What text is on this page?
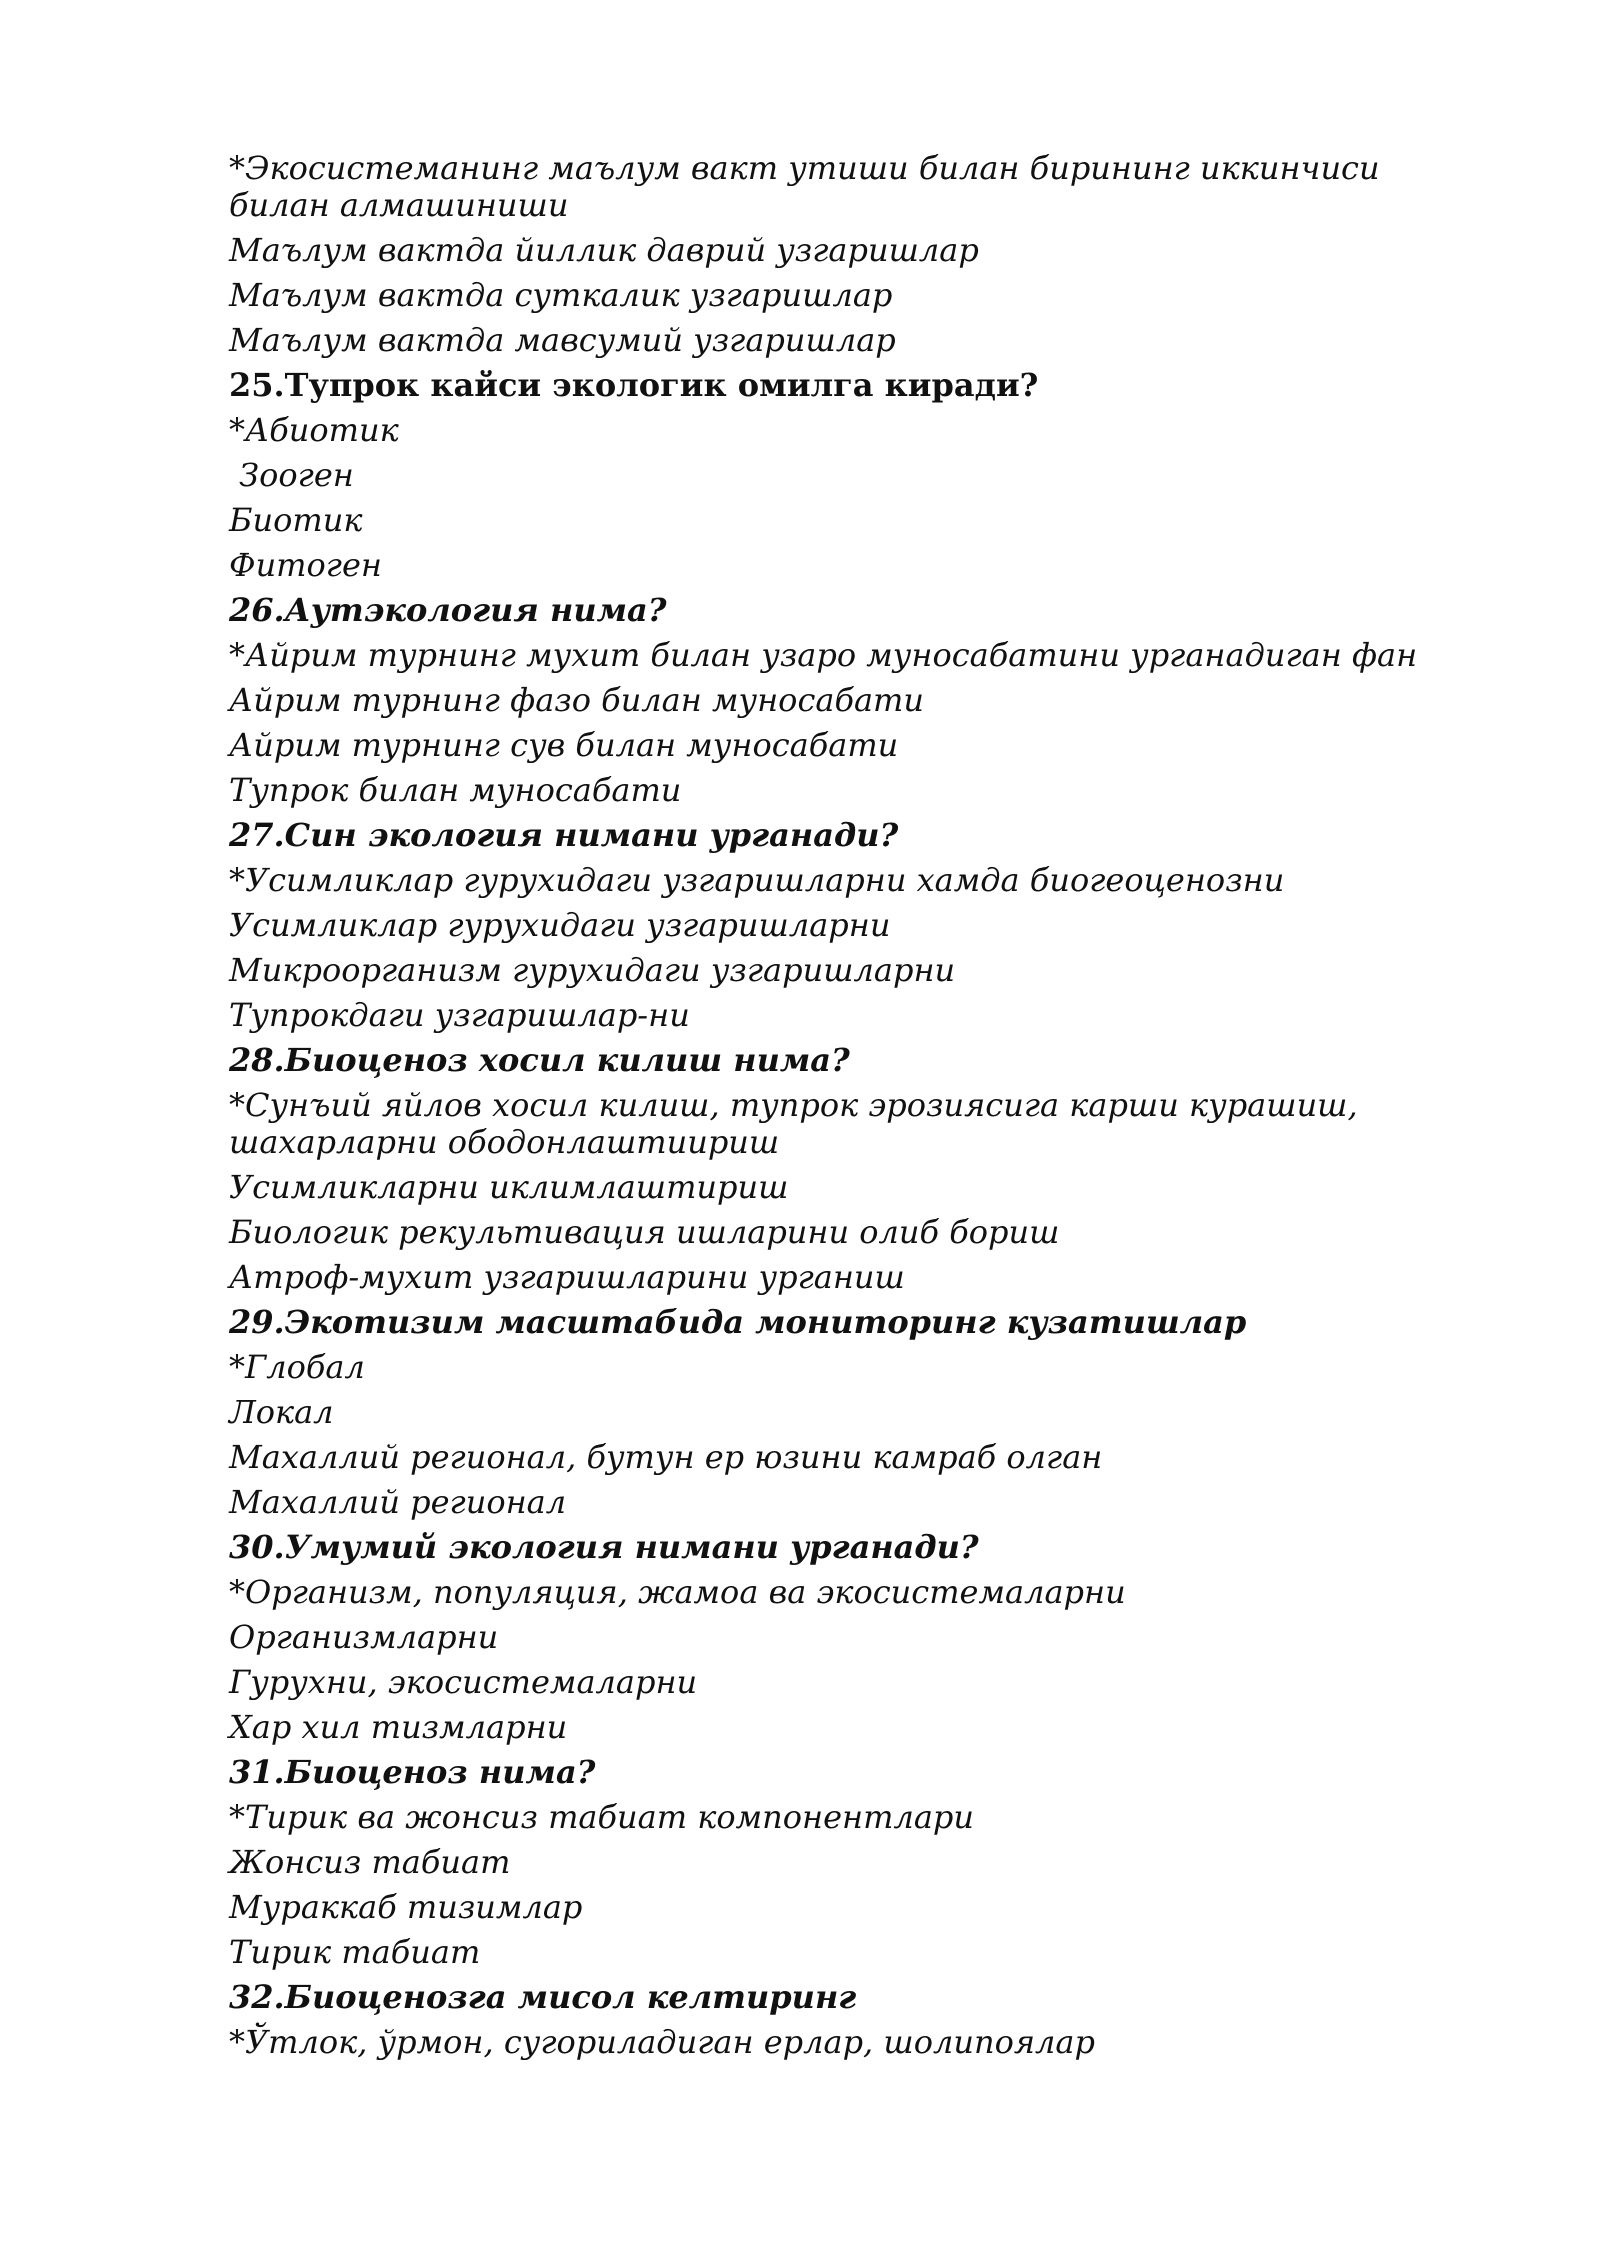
*Экосистеманинг маълум вакт утиши билан бирининг иккинчиси билан алмашиниши
Маълум вактда йиллик даврий узгаришлар
Маълум вактда суткалик узгаришлар
Маълум вактда мавсумий узгаришлар
25.Тупрок кайси экологик омилга киради?
*Абиотик
Зооген
Биотик
Фитоген
26.Аутэкология нима?
*Айрим турнинг мухит билан узаро муносабатини урганадиган фан
Айрим турнинг фазо билан муносабати
Айрим турнинг сув билан муносабати
Тупрок билан муносабати
27.Син экология нимани урганади?
*Усимликлар гурухидаги узгаришларни хамда биогеоценозни
Усимликлар гурухидаги узгаришларни
Микроорганизм гурухидаги узгаришларни
Тупрокдаги узгаришлар-ни
28.Биоценоз хосил килиш нима?
*Сунъий яйлов хосил килиш, тупрок эрозиясига карши курашиш, шахарларни ободонлаштиириш
Усимликларни иклимлаштириш
Биологик рекультивация ишларини олиб бориш
Атроф-мухит узгаришларини урганиш
29.Экотизим масштабида мониторинг кузатишлар
*Глобал
Локал
Махаллий регионал, бутун ер юзини камраб олган
Махаллий регионал
30.Умумий экология нимани урганади?
*Организм, популяция, жамоа ва экосистемаларни
Организмларни
Гурухни, экосистемаларни
Хар хил тизмларни
31.Биоценоз нима?
*Тирик ва жонсиз табиат компонентлари
Жонсиз табиат
Мураккаб тизимлар
Тирик табиат
32.Биоценозга мисол келтиринг
*Ўтлок, ўрмон, сугориладиган ерлар, шолипоялар
